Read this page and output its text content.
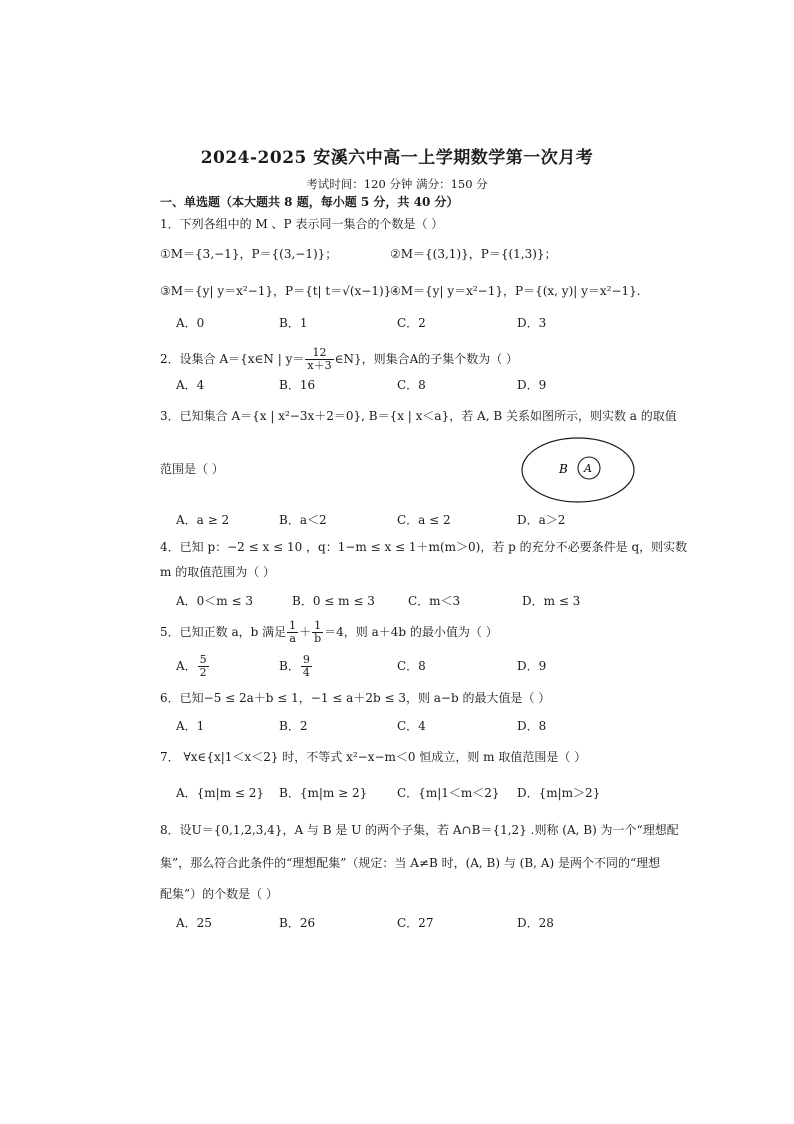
2024-2025 安溪六中高一上学期数学第一次月考
考试时间：120 分钟 满分：150 分
一、单选题（本大题共 8 题，每小题 5 分，共 40 分）
1．下列各组中的 M 、P 表示同一集合的个数是（ ）
①M＝{3,−1}，P＝{(3,−1)}；	②M＝{(3,1)}，P＝{(1,3)}；
③M＝{y| y＝x²−1}，P＝{t| t＝√(x−1)}
④M＝{y| y＝x²−1}，P＝{(x, y)| y＝x²−1}.
A．0	B．1	C．2	D．3
2．设集合 A＝{x∈N | $y= \frac{12}{x+3}$ ∈N}，则集合A的子集个数为（ ）
A．4	B．16	C．8	D．9
3．已知集合 A＝{x | x²−3x＋2＝0}, B＝{x | x＜a}，若 A, B 关系如图所示，则实数 a 的取值
范围是（ ）	B A
A．a ≥ 2	B．a＜2	C．a ≤ 2	D．a＞2
4．已知 p：−2 ≤ x ≤ 10 ，q：1−m ≤ x ≤ 1＋m(m＞0)，若 p 的充分不必要条件是 q，则实数
m 的取值范围为（ ）
A．0＜m ≤ 3	B．0 ≤ m ≤ 3	C．m＜3	D．m ≤ 3
5．已知正数 a，b 满足 $\frac{1}{a} + \frac{1}{b} =4$，则 a＋4b 的最小值为（ ）
A． $\frac{5}{2}$	B． $\frac{9}{4}$	C．8	D．9
6．已知−5 ≤ 2a＋b ≤ 1，−1 ≤ a＋2b ≤ 3，则 a−b 的最大值是（ ）
A．1	B．2	C．4	D．8
7． ∀x∈{x|1＜x＜2} 时，不等式 x²−x−m＜0 恒成立，则 m 取值范围是（ ）
A．{m|m ≤ 2} B．{m|m ≥ 2} C．{m|1＜m＜2} D．{m|m＞2}
8．设U＝{0,1,2,3,4}，A 与 B 是 U 的两个子集，若 A∩B＝{1,2} .则称 (A, B) 为一个“理想配
集”，那么符合此条件的“理想配集”（规定：当 A≠B 时，(A, B) 与 (B, A) 是两个不同的“理想
配集”）的个数是（ ）
A．25	B．26	C．27	D．28
